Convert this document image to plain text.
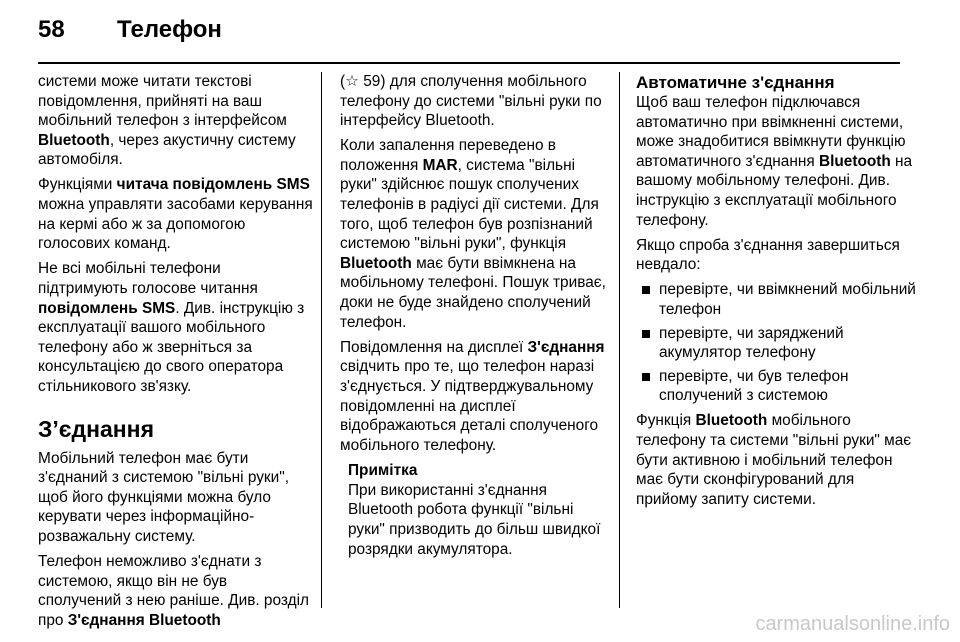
58 Телефон

системи може читати текстові повідомлення, прийняті на ваш мобільний телефон з інтерфейсом Bluetooth, через акустичну систему автомобіля.

Функціями читача повідомлень SMS можна управляти засобами керування на кермі або ж за допомогою голосових команд.

Не всі мобільні телефони підтримують голосове читання повідомлень SMS. Див. інструкцію з експлуатації вашого мобільного телефону або ж зверніться за консультацією до свого оператора стільникового зв'язку.

З’єднання

Мобільний телефон має бути з'єднаний з системою "вільні руки", щоб його функціями можна було керувати через інформаційно-розважальну систему.

Телефон неможливо з'єднати з системою, якщо він не був сполучений з нею раніше. Див. розділ про З'єднання Bluetooth

(☆ 59) для сполучення мобільного телефону до системи "вільні руки по інтерфейсу Bluetooth.

Коли запалення переведено в положення MAR, система "вільні руки" здійснює пошук сполучених телефонів в радіусі дії системи. Для того, щоб телефон був розпізнаний системою "вільні руки", функція Bluetooth має бути ввімкнена на мобільному телефоні. Пошук триває, доки не буде знайдено сполучений телефон.

Повідомлення на дисплеї З'єднання свідчить про те, що телефон наразі з'єднується. У підтверджувальному повідомленні на дисплеї відображаються деталі сполученого мобільного телефону.

Примітка
При використанні з'єднання Bluetooth робота функції "вільні руки" призводить до більш швидкої розрядки акумулятора.
Автоматичне з'єднання

Щоб ваш телефон підключався автоматично при ввімкненні системи, може знадобитися ввімкнути функцію автоматичного з'єднання Bluetooth на вашому мобільному телефоні. Див. інструкцію з експлуатації мобільного телефону.

Якщо спроба з'єднання завершиться невдало:

перевірте, чи ввімкнений мобільний телефон
перевірте, чи заряджений акумулятор телефону
перевірте, чи був телефон сполучений з системою

Функція Bluetooth мобільного телефону та системи "вільні руки" має бути активною і мобільний телефон має бути сконфігурований для прийому запиту системи.

carmanualsonline.info
